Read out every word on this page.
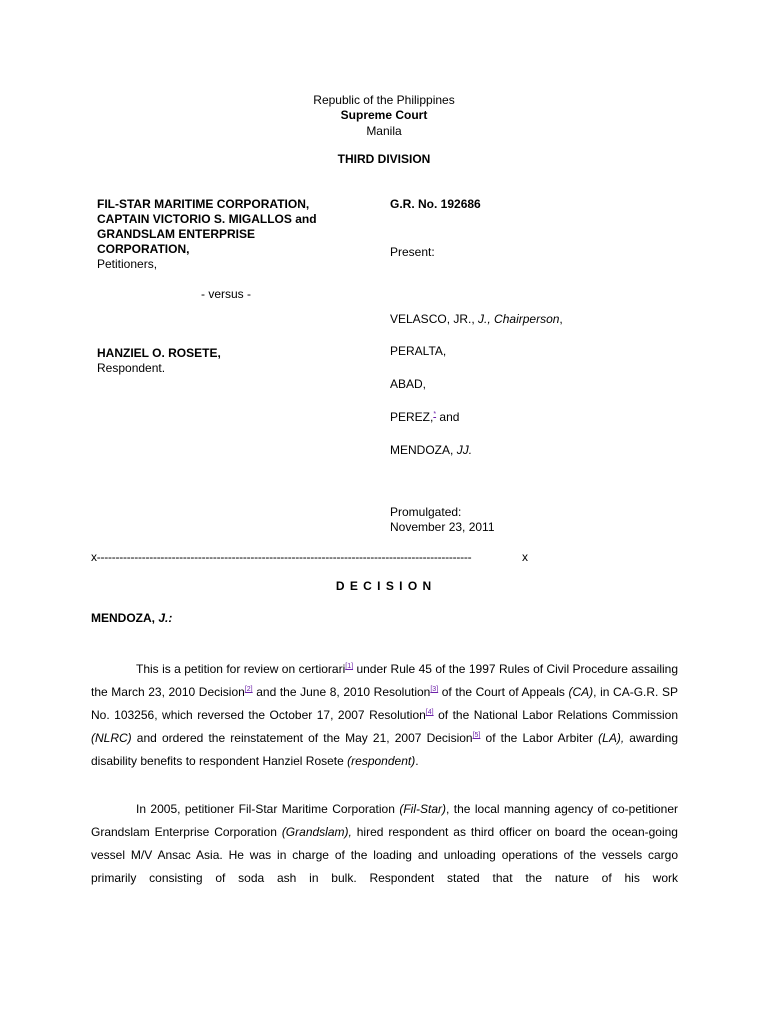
Republic of the Philippines
Supreme Court
Manila
THIRD DIVISION
FIL-STAR MARITIME CORPORATION,
CAPTAIN VICTORIO S. MIGALLOS and
GRANDSLAM ENTERPRISE
CORPORATION,
Petitioners,
- versus -
HANZIEL O. ROSETE,
Respondent.
G.R. No. 192686
Present:
VELASCO, JR., J., Chairperson,
PERALTA,
ABAD,
PEREZ,* and
MENDOZA, JJ.
Promulgated:
November 23, 2011
x----------------------------------------------------------------------------------------------------	x
D E C I S I O N
MENDOZA, J.:
This is a petition for review on certiorari[1] under Rule 45 of the 1997 Rules of Civil Procedure assailing the March 23, 2010 Decision[2] and the June 8, 2010 Resolution[3] of the Court of Appeals (CA), in CA-G.R. SP No. 103256, which reversed the October 17, 2007 Resolution[4] of the National Labor Relations Commission (NLRC) and ordered the reinstatement of the May 21, 2007 Decision[5] of the Labor Arbiter (LA), awarding disability benefits to respondent Hanziel Rosete (respondent).
In 2005, petitioner Fil-Star Maritime Corporation (Fil-Star), the local manning agency of co-petitioner Grandslam Enterprise Corporation (Grandslam), hired respondent as third officer on board the ocean-going vessel M/V Ansac Asia. He was in charge of the loading and unloading operations of the vessels cargo primarily consisting of soda ash in bulk. Respondent stated that the nature of his work
